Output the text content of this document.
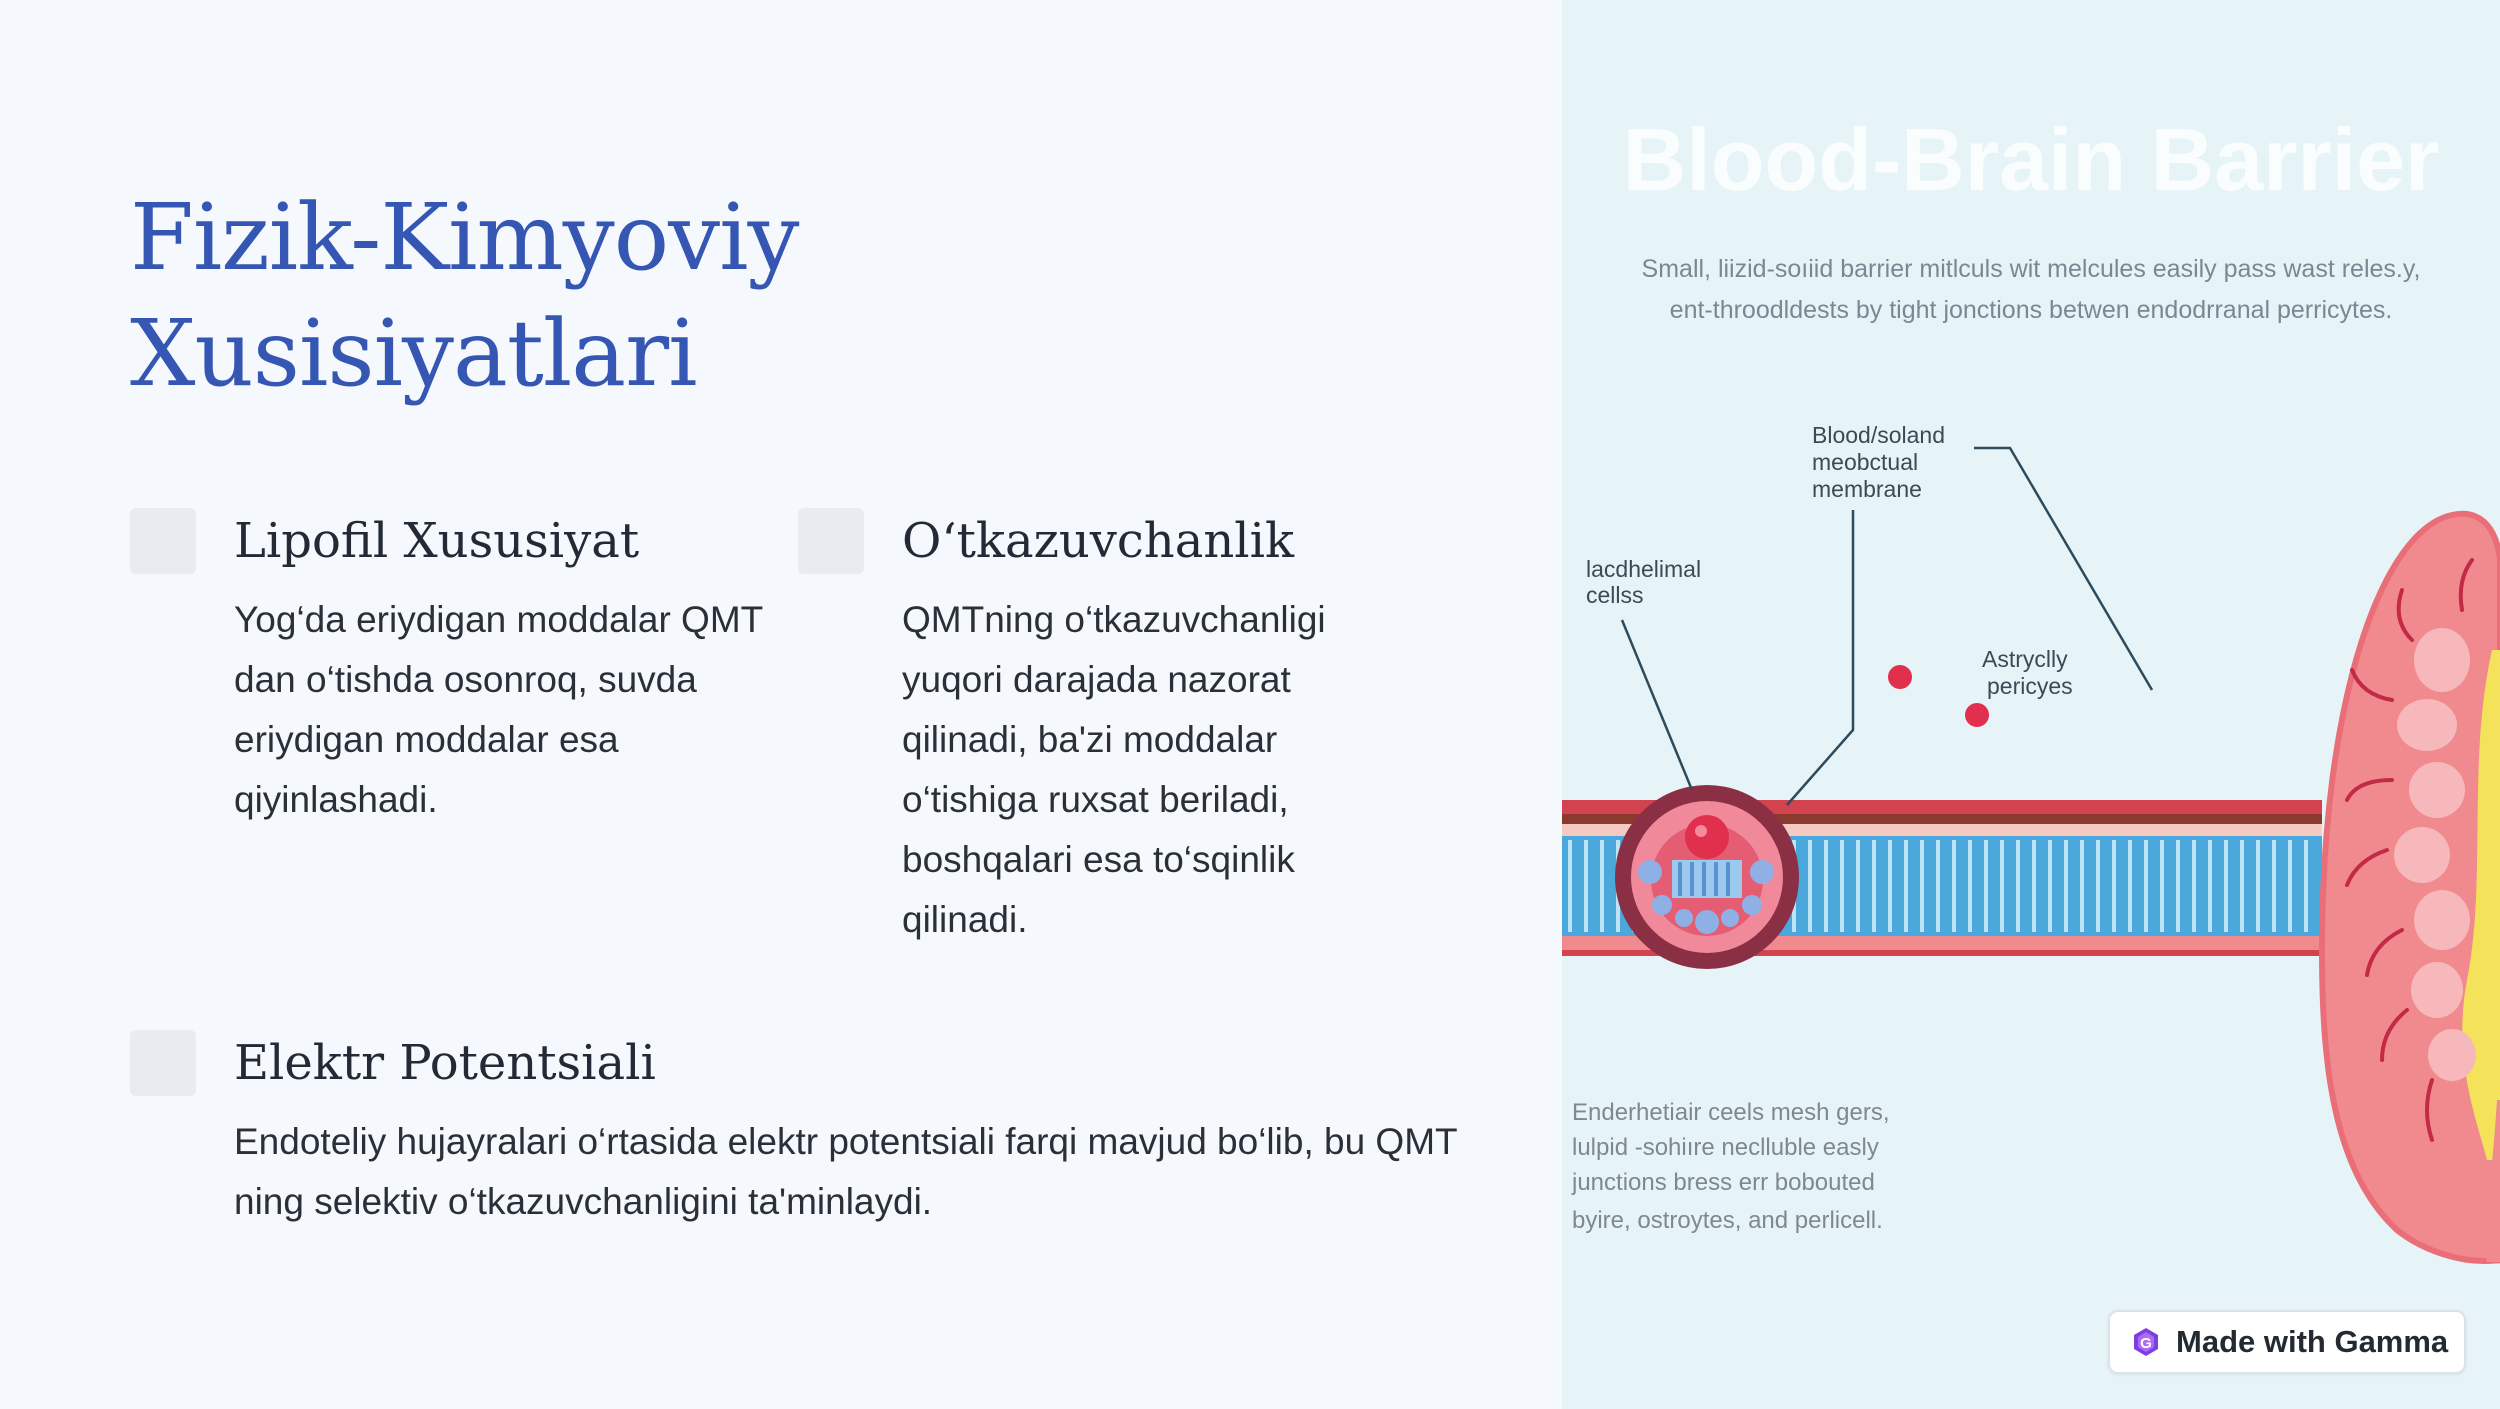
Fizik-Kimyoviy
Xusisiyatlari
Lipofil Xususiyat

Yog‘da eriydigan moddalar QMT dan o‘tishda osonroq, suvda eriydigan moddalar esa qiyinlashadi.

O‘tkazuvchanlik

QMTning o‘tkazuvchanligi yuqori darajada nazorat qilinadi, ba'zi moddalar o‘tishiga ruxsat beriladi, boshqalari esa to‘sqinlik qilinadi.

Elektr Potentsiali

Endoteliy hujayralari o‘rtasida elektr potentsiali farqi mavjud bo‘lib, bu QMT ning selektiv o‘tkazuvchanligini ta'minlaydi.

Blood-Brain Barrier
Small, liizid-soıiid barrier mitlculs wit melcules easily pass wast reles.y,
ent-throodldests by tight jonctions betwen endodrranal perricytes.
lacdhelimal cellss
Blood/soland meobctual membrane
Astryclly pericyes
Enderhetiair ceels mesh gers, lulpid -sohiıre neclluble easly junctions bress err bobouted byire, ostroytes, and perlicell.
G Made with Gamma
